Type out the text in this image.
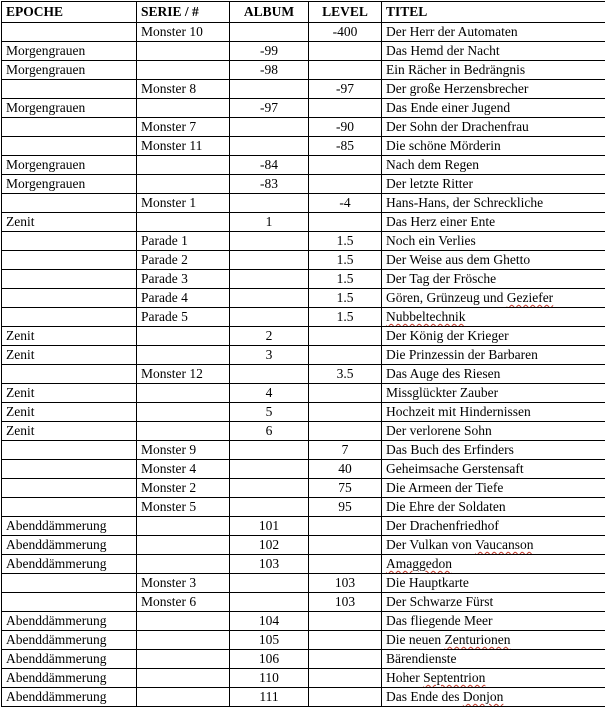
EPOCHE	SERIE / #	ALBUM	LEVEL	TITEL
	Monster 10		-400	Der Herr der Automaten
Morgengrauen		-99		Das Hemd der Nacht
Morgengrauen		-98		Ein Rächer in Bedrängnis
	Monster 8		-97	Der große Herzensbrecher
Morgengrauen		-97		Das Ende einer Jugend
	Monster 7		-90	Der Sohn der Drachenfrau
	Monster 11		-85	Die schöne Mörderin
Morgengrauen		-84		Nach dem Regen
Morgengrauen		-83		Der letzte Ritter
	Monster 1		-4	Hans-Hans, der Schreckliche
Zenit		1		Das Herz einer Ente
	Parade 1		1.5	Noch ein Verlies
	Parade 2		1.5	Der Weise aus dem Ghetto
	Parade 3		1.5	Der Tag der Frösche
	Parade 4		1.5	Gören, Grünzeug und Geziefer
	Parade 5		1.5	Nubbeltechnik
Zenit		2		Der König der Krieger
Zenit		3		Die Prinzessin der Barbaren
	Monster 12		3.5	Das Auge des Riesen
Zenit		4		Missglückter Zauber
Zenit		5		Hochzeit mit Hindernissen
Zenit		6		Der verlorene Sohn
	Monster 9		7	Das Buch des Erfinders
	Monster 4		40	Geheimsache Gerstensaft
	Monster 2		75	Die Armeen der Tiefe
	Monster 5		95	Die Ehre der Soldaten
Abenddämmerung		101		Der Drachenfriedhof
Abenddämmerung		102		Der Vulkan von Vaucanson
Abenddämmerung		103		Amaggedon
	Monster 3		103	Die Hauptkarte
	Monster 6		103	Der Schwarze Fürst
Abenddämmerung		104		Das fliegende Meer
Abenddämmerung		105		Die neuen Zenturionen
Abenddämmerung		106		Bärendienste
Abenddämmerung		110		Hoher Septentrion
Abenddämmerung		111		Das Ende des Donjon
